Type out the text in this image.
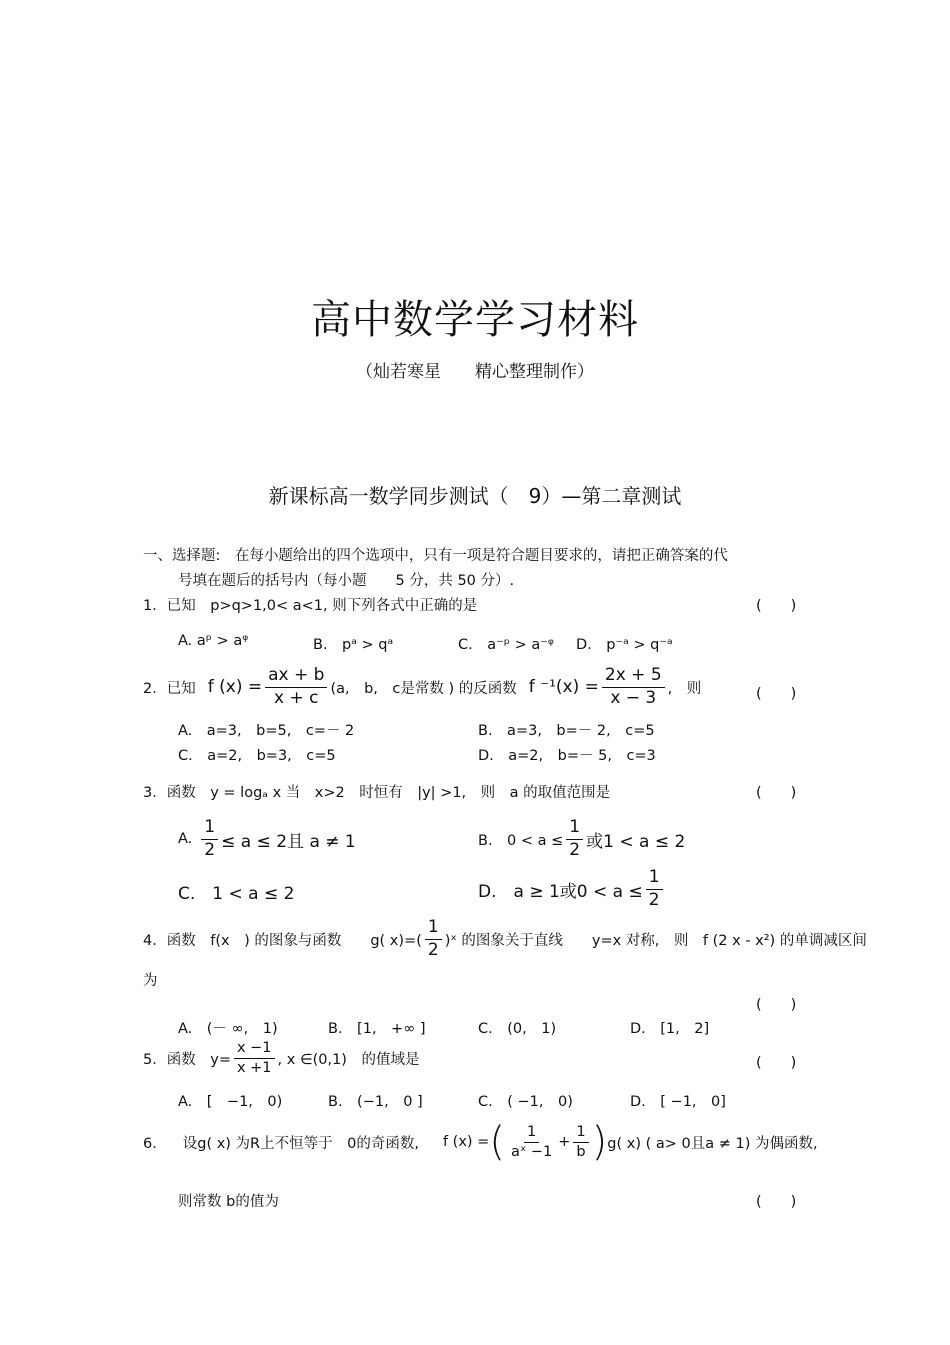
高中数学学习材料
（灿若寒星　　精心整理制作）
新课标高一数学同步测试（　9）—第二章测试
一、选择题:　在每小题给出的四个选项中，只有一项是符合题目要求的，请把正确答案的代
号填在题后的括号内（每小题　　5 分，共 50 分）.
1．已知　p>q>1,0< a<1, 则下列各式中正确的是	(　　)
A. aᵖ > aᵠ	B.　pᵃ > qᵃ	C.　a⁻ᵖ > a⁻ᵠ D.　p⁻ᵃ > q⁻ᵃ
2． 已知 f $(x) = \frac{ax + b}{x + c} (a$,　b,　c是常数 ) 的反函数 f $^{-1}(x) = \frac{2x + 5}{x - 3}$ ,　则	(　　)
A.　a=3,　b=5,　c=－ 2	B.　a=3,　b=－ 2,　c=5
C.　a=2,　b=3,　c=5	D.　a=2,　b=－ 5,　c=3
3．函数　y = logₐ x 当　x>2　时恒有　|y| >1,　则　a 的取值范围是	(　　)
A. $\frac{1}{2} \le a \le 2$且 a ≠ 1	B.　$0 < a \le \frac{1}{2}$ 或1 < a ≤ 2
C.　1 < a ≤ 2	D.　a ≥ 1或$0 < a \le \frac{1}{2}$
4． 函数　f(x　) 的图象与函数　　g( $x)=( \frac{1}{2}$ )ˣ 的图象关于直线　　y=x 对称,　则　f (2 x - x²) 的单调减区间
为
(　　)
A.　(－ ∞,　1)	B.　[1,　+∞ ]	C.　(0,　1)	D.　[1,　2]
5． 函数　$y= \frac{x -1}{x +1}$ , x ∈(0,1)　的值域是	(　　)
A.　[　−1,　0)	B.　(−1,　0 ]	C.　( −1,　0)	D.　[ −1,　0]
6． 设g( x) 为R上不恒等于　0的奇函数, f (x) = ( $\frac{1}{\text{aˣ −1}} + \frac{1}{b}$ ) g( x) ( a> 0且a ≠ 1) 为偶函数,
则常数 b的值为	(　　)
